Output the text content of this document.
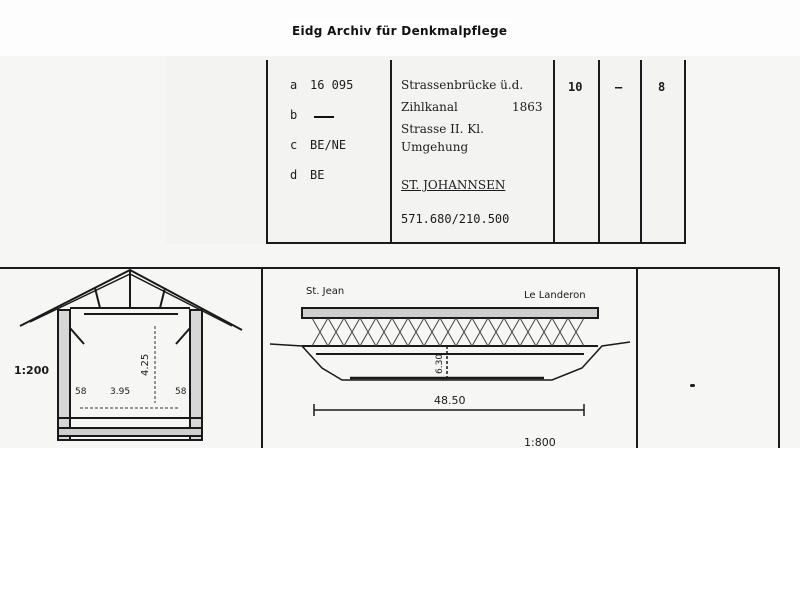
Eidg Archiv für Denkmalpflege
a 16 095
b
c BE/NE
d BE
Strassenbrücke ü.d.
Zihlkanal	1863
Strasse II. Kl.
Umgehung
ST. JOHANNSEN
571.680/210.500
10	–	8
1:200	4.25
58	3.95	58
St. Jean	Le Landeron
6.30
48.50
1:800
